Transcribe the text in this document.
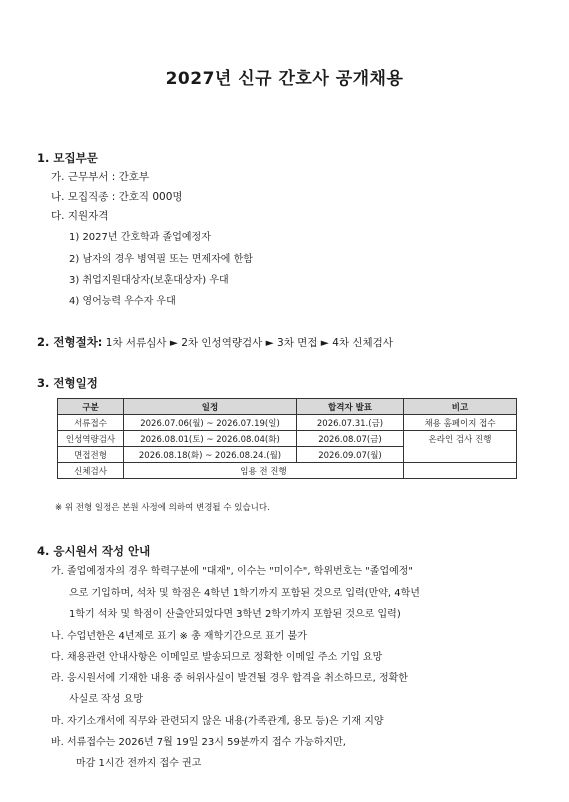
2027년 신규 간호사 공개채용
1. 모집부문
가. 근무부서 : 간호부
나. 모집직종 : 간호직 000명
다. 지원자격
1) 2027년 간호학과 졸업예정자
2) 남자의 경우 병역필 또는 면제자에 한함
3) 취업지원대상자(보훈대상자) 우대
4) 영어능력 우수자 우대
2. 전형절차: 1차 서류심사 ► 2차 인성역량검사 ► 3차 면접 ► 4차 신체검사
3. 전형일정
구분	일정	합격자 발표	비고
서류접수	2026.07.06(월) ~ 2026.07.19(일)	2026.07.31.(금)	채용 홈페이지 접수
인성역량검사	2026.08.01(토) ~ 2026.08.04(화)	2026.08.07(금)	온라인 검사 진행
면접전형	2026.08.18(화) ~ 2026.08.24.(월)	2026.09.07(월)	
신체검사	임용 전 진행		
※ 위 전형 일정은 본원 사정에 의하여 변경될 수 있습니다.
4. 응시원서 작성 안내
가. 졸업예정자의 경우 학력구분에 "대재", 이수는 "미이수", 학위번호는 "졸업예정"
으로 기입하며, 석차 및 학점은 4학년 1학기까지 포함된 것으로 입력(만약, 4학년
1학기 석차 및 학점이 산출안되었다면 3학년 2학기까지 포함된 것으로 입력)
나. 수업년한은 4년제로 표기 ※ 총 재학기간으로 표기 불가
다. 채용관련 안내사항은 이메일로 발송되므로 정확한 이메일 주소 기입 요망
라. 응시원서에 기재한 내용 중 허위사실이 발견될 경우 합격을 취소하므로, 정확한
사실로 작성 요망
마. 자기소개서에 직무와 관련되지 않은 내용(가족관계, 용모 등)은 기재 지양
바. 서류접수는 2026년 7월 19일 23시 59분까지 접수 가능하지만,
마감 1시간 전까지 접수 권고
